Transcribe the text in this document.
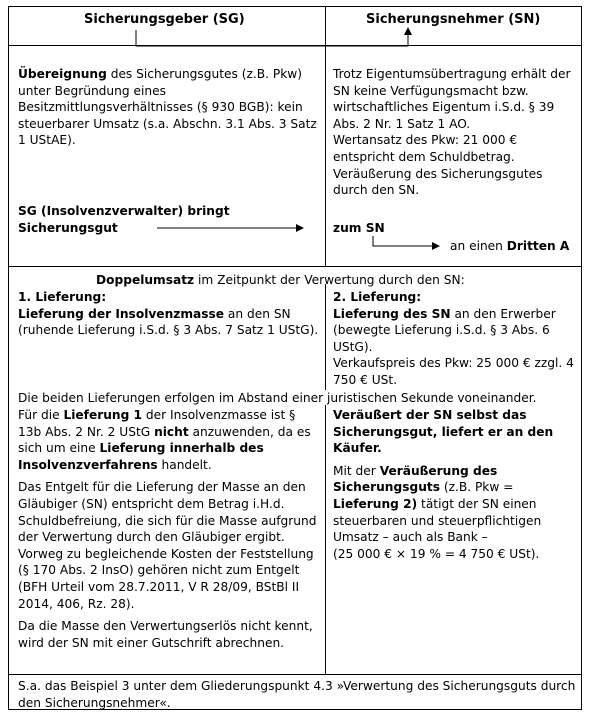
Sicherungsgeber (SG)	Sicherungsnehmer (SN)
Übereignung des Sicherungsgutes (z.B. Pkw) unter Begründung eines Besitzmittlungsverhältnisses (§ 930 BGB): kein steuerbarer Umsatz (s.a. Abschn. 3.1 Abs. 3 Satz 1 UStAE).
Trotz Eigentumsübertragung erhält der SN keine Verfügungsmacht bzw. wirtschaftliches Eigentum i.S.d. § 39 Abs. 2 Nr. 1 Satz 1 AO.
Wertansatz des Pkw: 21 000 € entspricht dem Schuldbetrag.
Veräußerung des Sicherungsgutes durch den SN.
SG (Insolvenzverwalter) bringt Sicherungsgut	zum SN
an einen Dritten A
Doppelumsatz im Zeitpunkt der Verwertung durch den SN:
1. Lieferung:
Lieferung der Insolvenzmasse an den SN (ruhende Lieferung i.S.d. § 3 Abs. 7 Satz 1 UStG).
2. Lieferung:
Lieferung des SN an den Erwerber (bewegte Lieferung i.S.d. § 3 Abs. 6 UStG).
Verkaufspreis des Pkw: 25 000 € zzgl. 4 750 € USt.
Die beiden Lieferungen erfolgen im Abstand einer juristischen Sekunde voneinander.
Für die Lieferung 1 der Insolvenzmasse ist § 13b Abs. 2 Nr. 2 UStG nicht anzuwenden, da es sich um eine Lieferung innerhalb des Insolvenzverfahrens handelt.
Das Entgelt für die Lieferung der Masse an den Gläubiger (SN) entspricht dem Betrag i.H.d. Schuldbefreiung, die sich für die Masse aufgrund der Verwertung durch den Gläubiger ergibt. Vorweg zu begleichende Kosten der Feststellung (§ 170 Abs. 2 InsO) gehören nicht zum Entgelt (BFH Urteil vom 28.7.2011, V R 28/09, BStBl II 2014, 406, Rz. 28).
Da die Masse den Verwertungserlös nicht kennt, wird der SN mit einer Gutschrift abrechnen.
Veräußert der SN selbst das Sicherungsgut, liefert er an den Käufer.
Mit der Veräußerung des Sicherungsguts (z.B. Pkw = Lieferung 2) tätigt der SN einen steuerbaren und steuerpflichtigen Umsatz – auch als Bank –
(25 000 € × 19 % = 4 750 € USt).
S.a. das Beispiel 3 unter dem Gliederungspunkt 4.3 »Verwertung des Sicherungsguts durch den Sicherungsnehmer«.
